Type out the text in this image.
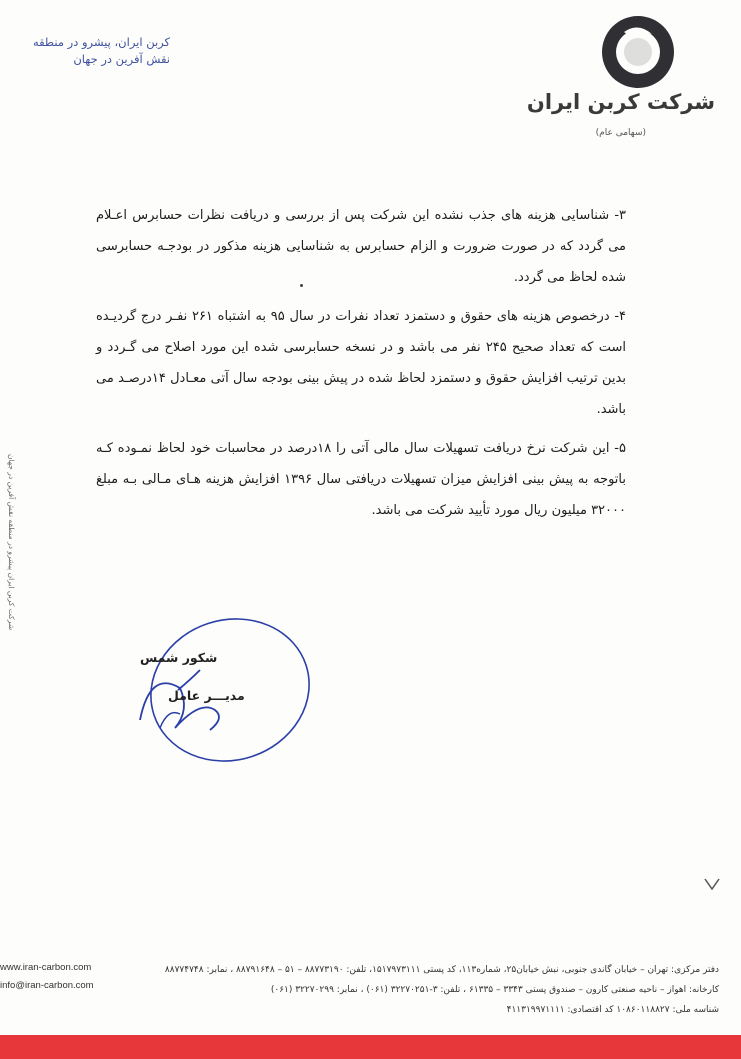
شرکت کربن ایران
(سهامی عام)
کربن ایران، پیشرو در منطقه
نقش آفرین در جهان

۳- شناسایی هزینه های جذب نشده این شرکت پس از بررسی و دریافت نظرات حسابرس اعـلام می گردد که در صورت ضرورت و الزام حسابرس به شناسایی هزینه مذکور در بودجـه حسابرسی شده لحاظ می گردد.

۴- درخصوص هزینه های حقوق و دستمزد تعداد نفرات در سال ۹۵ به اشتباه ۲۶۱ نفـر درج گردیـده است که تعداد صحیح ۲۴۵ نفر می باشد و در نسخه حسابرسی شده این مورد اصلاح می گـردد و بدین ترتیب افزایش حقوق و دستمزد لحاظ شده در پیش بینی بودجه سال آتی معـادل ۱۴درصـد می باشد.

۵- این شرکت نرخ دریافت تسهیلات سال مالی آتی را ۱۸درصد در محاسبات خود لحاظ نمـوده کـه باتوجه به پیش بینی افزایش میزان تسهیلات دریافتی سال ۱۳۹۶ افزایش هزینه هـای مـالی بـه مبلغ ۳۲۰۰۰ میلیون ریال مورد تأیید شرکت می باشد.

شکور شمس
مدیـــر عامل
شرکت کربن ایران پیشرو در منطقه نقش آفرین در جهان
دفتر مرکزی: تهران – خیابان گاندی جنوبی، نبش خیابان۲۵، شماره۱۱۳، کد پستی ۱۵۱۷۹۷۳۱۱۱، تلفن: ۸۸۷۷۳۱۹۰ – ۵۱ – ۸۸۷۹۱۶۴۸ ، نمابر: ۸۸۷۷۴۷۴۸
کارخانه: اهواز – ناحیه صنعتی کارون – صندوق پستی ۳۳۴۳ – ۶۱۳۳۵ ، تلفن: ۳-۳۲۲۷۰۲۵۱ (۰۶۱) ، نمابر: ۳۲۲۷۰۲۹۹ (۰۶۱)
شناسه ملی: ۱۰۸۶۰۱۱۸۸۲۷ کد اقتصادی: ۴۱۱۳۱۹۹۷۱۱۱۱
www.iran-carbon.com
info@iran-carbon.com
